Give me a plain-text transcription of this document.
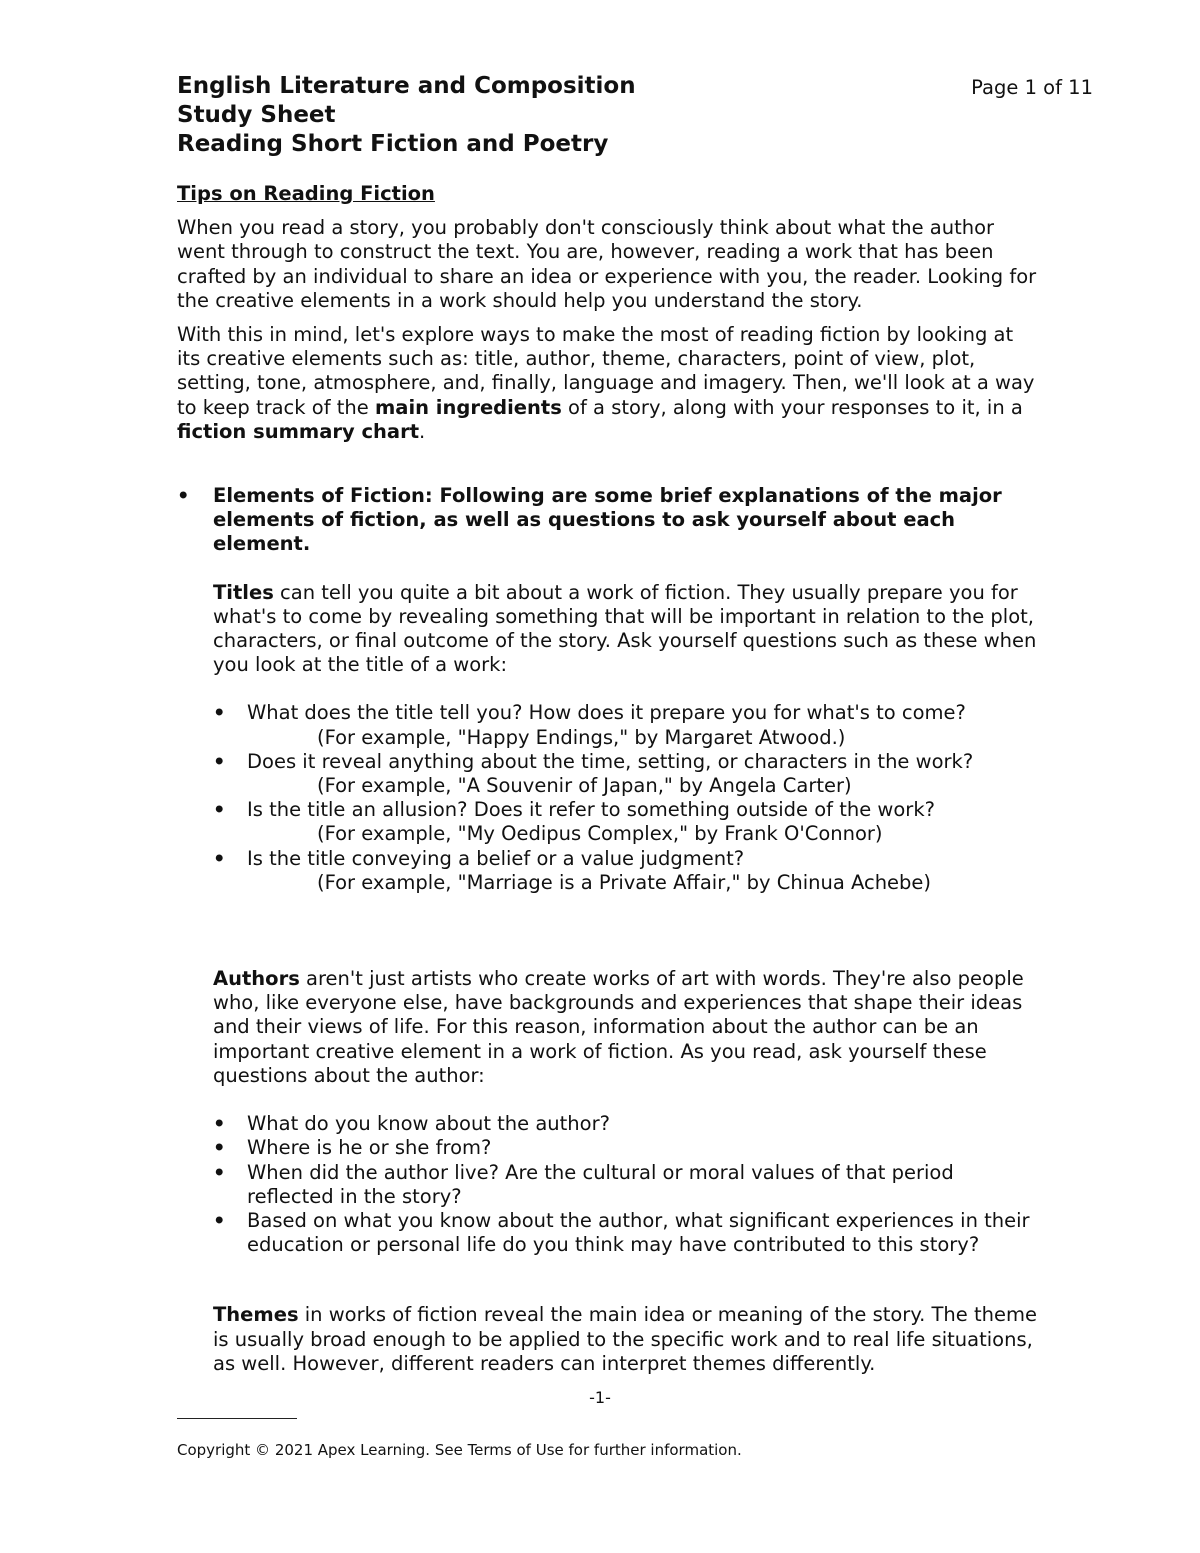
English Literature and Composition

Study Sheet

Reading Short Fiction and Poetry

Page 1 of 11

Tips on Reading Fiction

When you read a story, you probably don't consciously think about what the author went through to construct the text. You are, however, reading a work that has been crafted by an individual to share an idea or experience with you, the reader. Looking for the creative elements in a work should help you understand the story.

With this in mind, let's explore ways to make the most of reading fiction by looking at its creative elements such as: title, author, theme, characters, point of view, plot, setting, tone, atmosphere, and, finally, language and imagery. Then, we'll look at a way to keep track of the main ingredients of a story, along with your responses to it, in a fiction summary chart.

• Elements of Fiction: Following are some brief explanations of the major elements of fiction, as well as questions to ask yourself about each element.

Titles can tell you quite a bit about a work of fiction. They usually prepare you for what's to come by revealing something that will be important in relation to the plot, characters, or final outcome of the story. Ask yourself questions such as these when you look at the title of a work:

• What does the title tell you? How does it prepare you for what's to come?
(For example, "Happy Endings," by Margaret Atwood.)
• Does it reveal anything about the time, setting, or characters in the work?
(For example, "A Souvenir of Japan," by Angela Carter)
• Is the title an allusion? Does it refer to something outside of the work?
(For example, "My Oedipus Complex," by Frank O'Connor)
• Is the title conveying a belief or a value judgment?
(For example, "Marriage is a Private Affair," by Chinua Achebe)

Authors aren't just artists who create works of art with words. They're also people who, like everyone else, have backgrounds and experiences that shape their ideas and their views of life. For this reason, information about the author can be an important creative element in a work of fiction. As you read, ask yourself these questions about the author:

• What do you know about the author?
• Where is he or she from?
• When did the author live? Are the cultural or moral values of that period reflected in the story?
• Based on what you know about the author, what significant experiences in their education or personal life do you think may have contributed to this story?

Themes in works of fiction reveal the main idea or meaning of the story. The theme is usually broad enough to be applied to the specific work and to real life situations, as well. However, different readers can interpret themes differently.

-1-
Copyright © 2021 Apex Learning. See Terms of Use for further information.
